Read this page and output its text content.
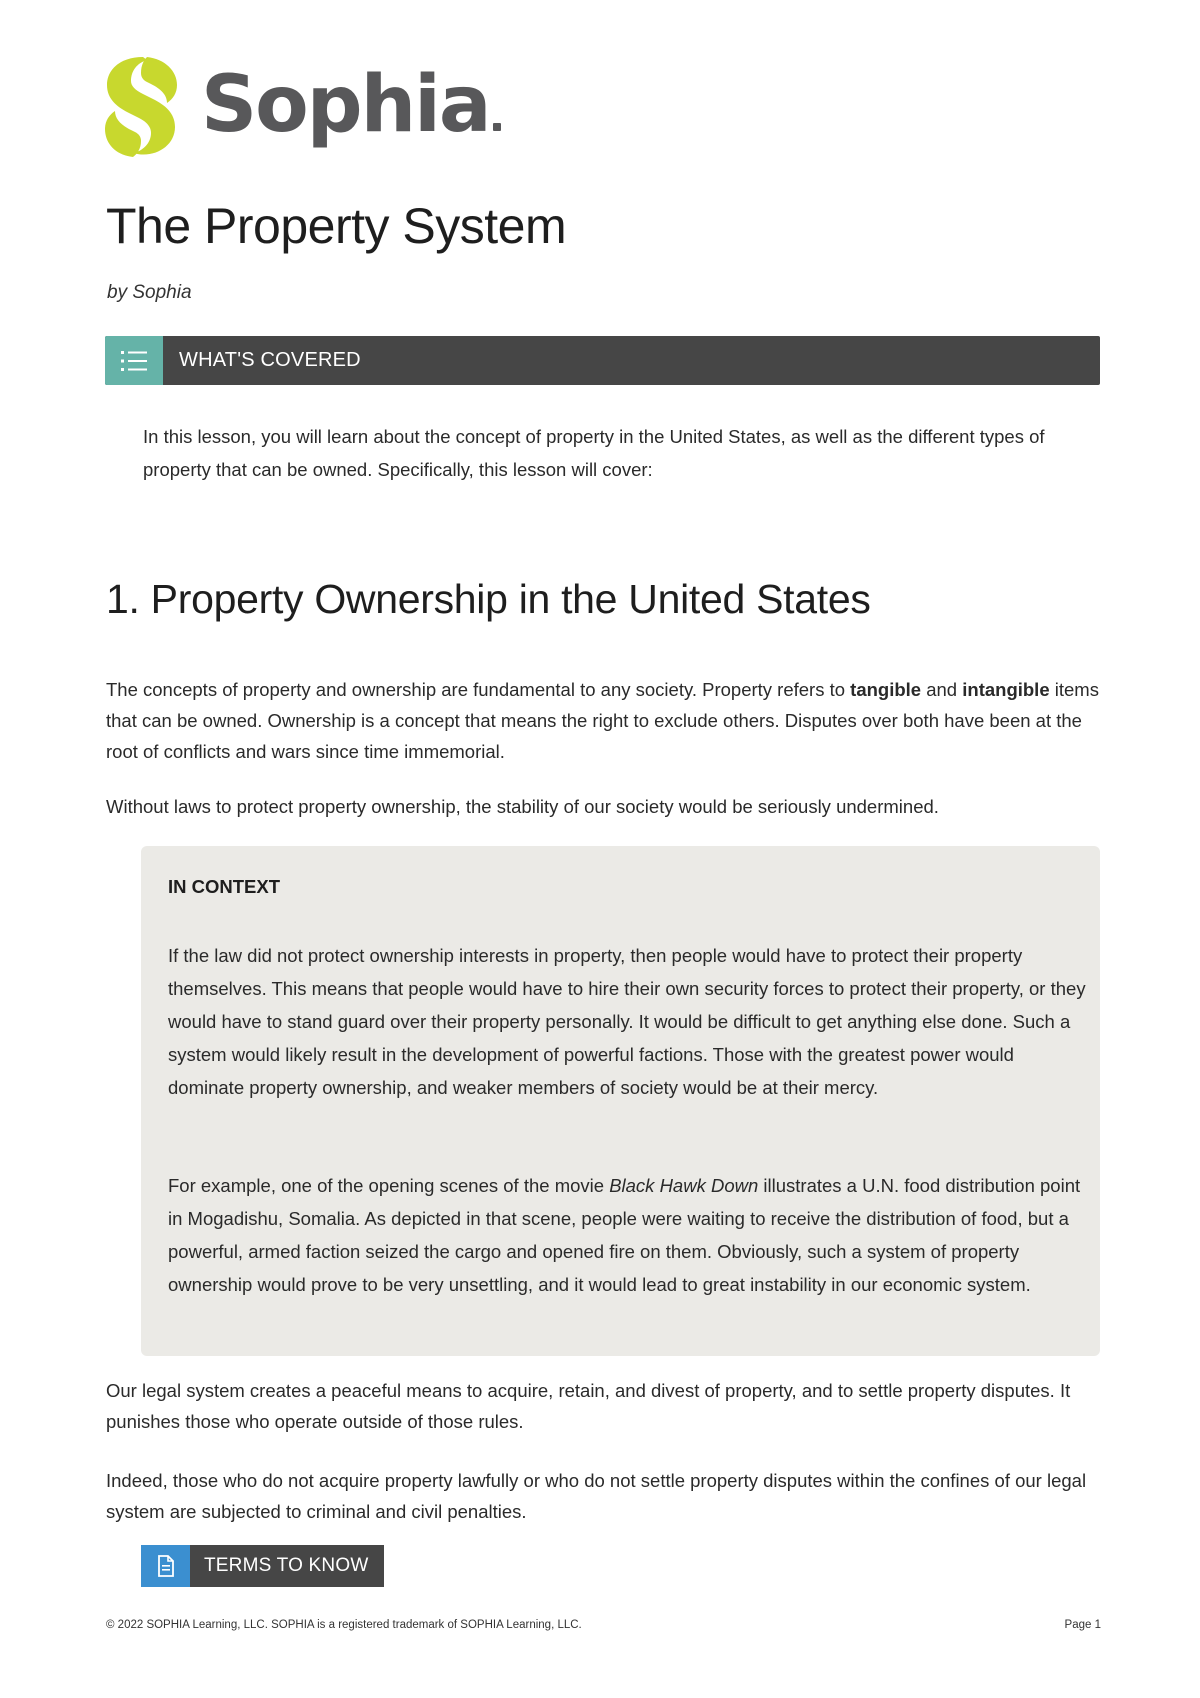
Sophia
The Property System
by Sophia
WHAT'S COVERED
In this lesson, you will learn about the concept of property in the United States, as well as the different types of property that can be owned. Specifically, this lesson will cover:
1. Property Ownership in the United States

The concepts of property and ownership are fundamental to any society. Property refers to tangible and intangible items that can be owned. Ownership is a concept that means the right to exclude others. Disputes over both have been at the root of conflicts and wars since time immemorial.

Without laws to protect property ownership, the stability of our society would be seriously undermined.

IN CONTEXT

If the law did not protect ownership interests in property, then people would have to protect their property themselves. This means that people would have to hire their own security forces to protect their property, or they would have to stand guard over their property personally. It would be difficult to get anything else done. Such a system would likely result in the development of powerful factions. Those with the greatest power would dominate property ownership, and weaker members of society would be at their mercy.

For example, one of the opening scenes of the movie Black Hawk Down illustrates a U.N. food distribution point in Mogadishu, Somalia. As depicted in that scene, people were waiting to receive the distribution of food, but a powerful, armed faction seized the cargo and opened fire on them. Obviously, such a system of property ownership would prove to be very unsettling, and it would lead to great instability in our economic system.

Our legal system creates a peaceful means to acquire, retain, and divest of property, and to settle property disputes. It punishes those who operate outside of those rules.

Indeed, those who do not acquire property lawfully or who do not settle property disputes within the confines of our legal system are subjected to criminal and civil penalties.

TERMS TO KNOW
© 2022 SOPHIA Learning, LLC. SOPHIA is a registered trademark of SOPHIA Learning, LLC.	Page 1
